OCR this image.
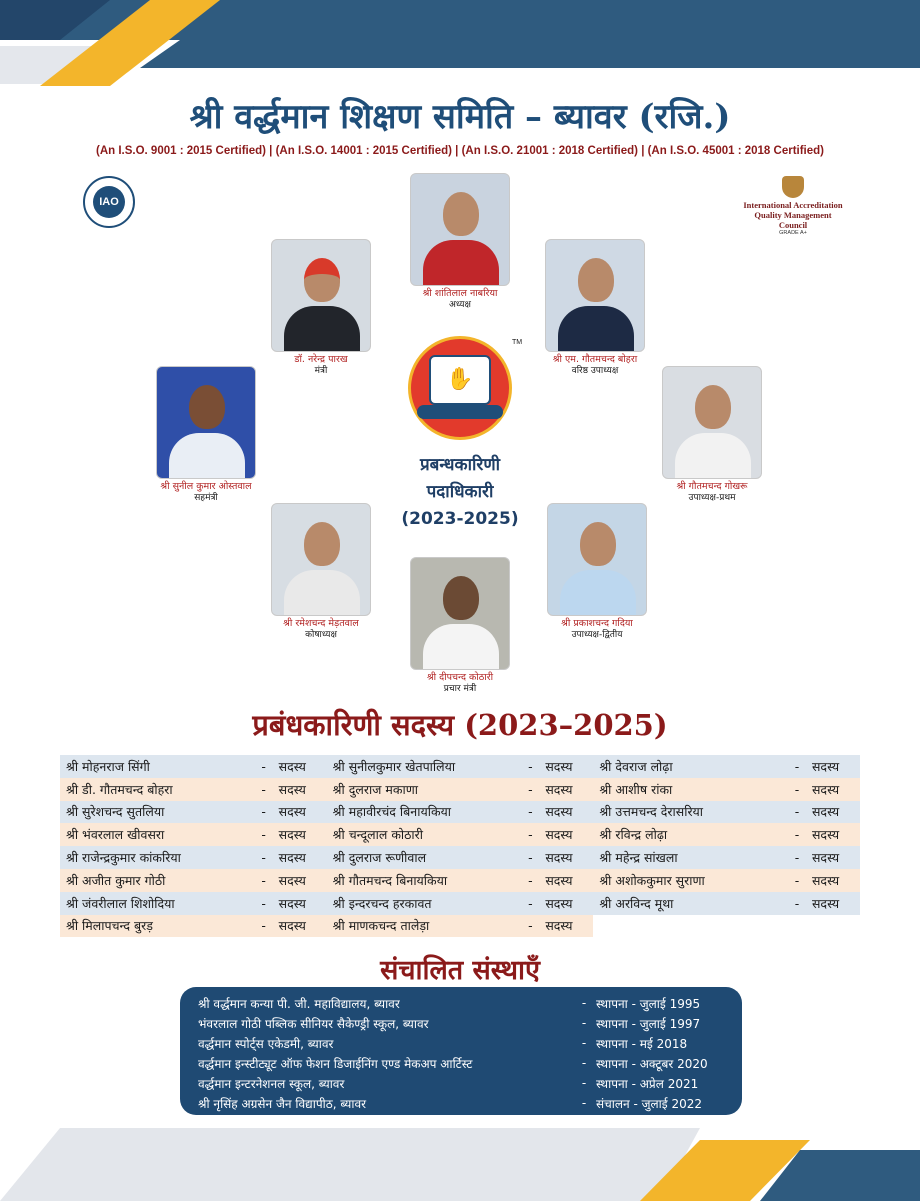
श्री वर्द्धमान शिक्षण समिति – ब्यावर (रजि.)
(An I.S.O. 9001 : 2015 Certified) | (An I.S.O. 14001 : 2015 Certified) | (An I.S.O. 21001 : 2018 Certified) | (An I.S.O. 45001 : 2018 Certified)
IAO	International Accreditation
Quality Management Council
GRADE A+
श्री शांतिलाल नाबरिया
अध्यक्ष
डॉ. नरेन्द्र पारख
मंत्री
श्री एम. गौतमचन्द बोहरा
वरिष्ठ उपाध्यक्ष
श्री सुनील कुमार ओस्तवाल
सहमंत्री
श्री गौतमचन्द गोखरू
उपाध्यक्ष-प्रथम
श्री रमेशचन्द मेड़तवाल
कोषाध्यक्ष
श्री प्रकाशचन्द गदिया
उपाध्यक्ष-द्वितीय
श्री दीपचन्द कोठारी
प्रचार मंत्री
✋
TM
प्रबन्धकारिणी
पदाधिकारी
(2023-2025)
प्रबंधकारिणी सदस्य (2023–2025)
श्री मोहनराज सिंगी	-	सदस्य	श्री सुनीलकुमार खेतपालिया	-	सदस्य	श्री देवराज लोढ़ा	-	सदस्य
श्री डी. गौतमचन्द बोहरा	-	सदस्य	श्री दुलराज मकाणा	-	सदस्य	श्री आशीष रांका	-	सदस्य
श्री सुरेशचन्द सुतलिया	-	सदस्य	श्री महावीरचंद बिनायकिया	-	सदस्य	श्री उत्तमचन्द देरासरिया	-	सदस्य
श्री भंवरलाल खीवसरा	-	सदस्य	श्री चन्दूलाल कोठारी	-	सदस्य	श्री रविन्द्र लोढ़ा	-	सदस्य
श्री राजेन्द्रकुमार कांकरिया	-	सदस्य	श्री दुलराज रूणीवाल	-	सदस्य	श्री महेन्द्र सांखला	-	सदस्य
श्री अजीत कुमार गोठी	-	सदस्य	श्री गौतमचन्द बिनायकिया	-	सदस्य	श्री अशोककुमार सुराणा	-	सदस्य
श्री जंवरीलाल शिशोदिया	-	सदस्य	श्री इन्दरचन्द हरकावत	-	सदस्य	श्री अरविन्द मूथा	-	सदस्य
श्री मिलापचन्द बुरड़	-	सदस्य	श्री माणकचन्द तालेड़ा	-	सदस्य
संचालित संस्थाएँ
श्री वर्द्धमान कन्या पी. जी. महाविद्यालय, ब्यावर	- स्थापना - जुलाई 1995
भंवरलाल गोठी पब्लिक सीनियर सैकेण्ड्री स्कूल, ब्यावर	- स्थापना - जुलाई 1997
वर्द्धमान स्पोर्ट्स एकेडमी, ब्यावर	- स्थापना - मई 2018
वर्द्धमान इन्स्टीट्यूट ऑफ फेशन डिजाईनिंग एण्ड मेकअप आर्टिस्ट	- स्थापना - अक्टूबर 2020
वर्द्धमान इन्टरनेशनल स्कूल, ब्यावर	- स्थापना - अप्रेल 2021
श्री नृसिंह अग्रसेन जैन विद्यापीठ, ब्यावर	- संचालन - जुलाई 2022
